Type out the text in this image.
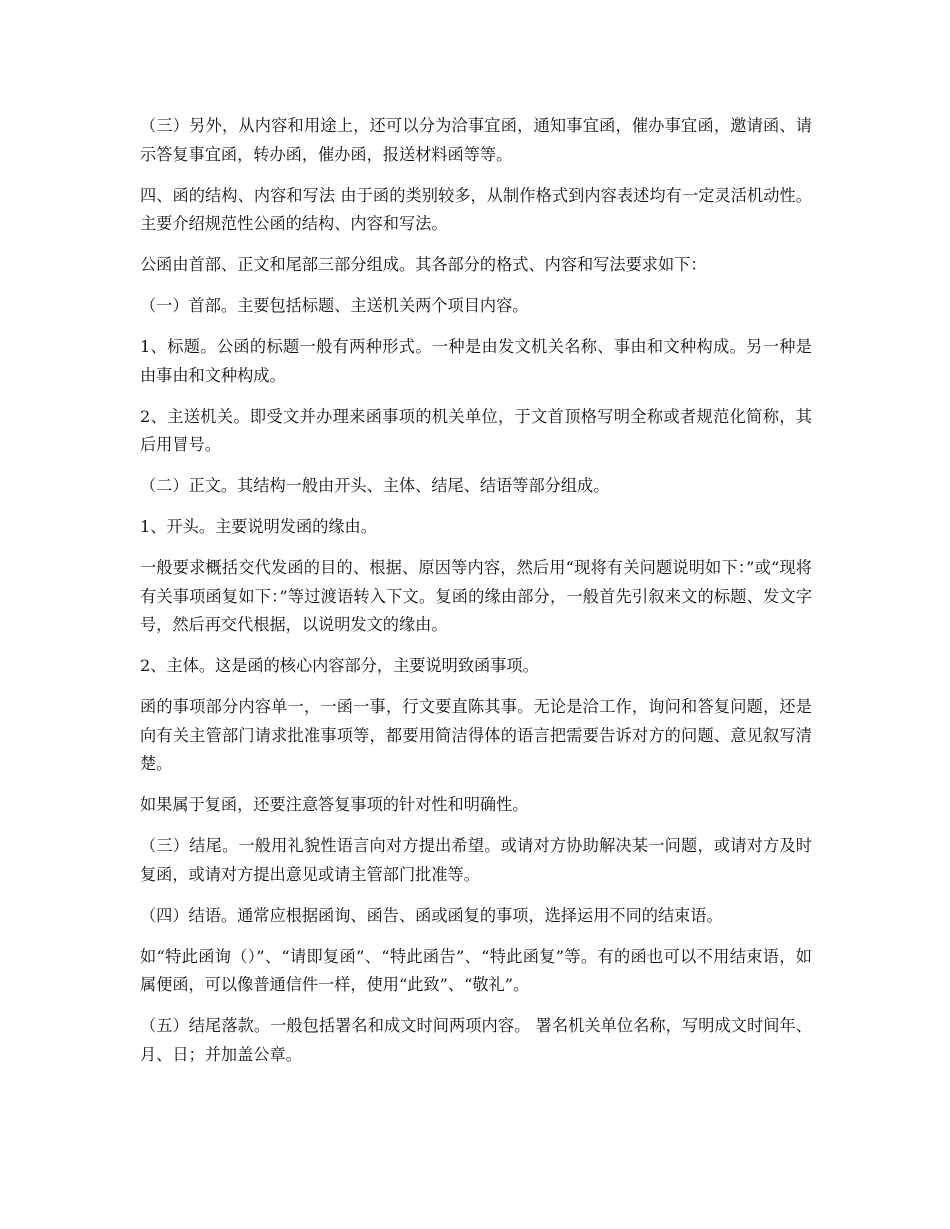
（三）另外，从内容和用途上，还可以分为洽事宜函，通知事宜函，催办事宜函，邀请函、请示答复事宜函，转办函，催办函，报送材料函等等。

四、函的结构、内容和写法 由于函的类别较多，从制作格式到内容表述均有一定灵活机动性。主要介绍规范性公函的结构、内容和写法。

公函由首部、正文和尾部三部分组成。其各部分的格式、内容和写法要求如下：

（一）首部。主要包括标题、主送机关两个项目内容。

1、标题。公函的标题一般有两种形式。一种是由发文机关名称、事由和文种构成。另一种是由事由和文种构成。

2、主送机关。即受文并办理来函事项的机关单位，于文首顶格写明全称或者规范化简称，其后用冒号。

（二）正文。其结构一般由开头、主体、结尾、结语等部分组成。

1、开头。主要说明发函的缘由。

一般要求概括交代发函的目的、根据、原因等内容，然后用“现将有关问题说明如下：”或“现将有关事项函复如下：”等过渡语转入下文。复函的缘由部分，一般首先引叙来文的标题、发文字号，然后再交代根据，以说明发文的缘由。

2、主体。这是函的核心内容部分，主要说明致函事项。

函的事项部分内容单一，一函一事，行文要直陈其事。无论是洽工作，询问和答复问题，还是向有关主管部门请求批准事项等，都要用简洁得体的语言把需要告诉对方的问题、意见叙写清楚。

如果属于复函，还要注意答复事项的针对性和明确性。

（三）结尾。一般用礼貌性语言向对方提出希望。或请对方协助解决某一问题，或请对方及时复函，或请对方提出意见或请主管部门批准等。

（四）结语。通常应根据函询、函告、函或函复的事项，选择运用不同的结束语。

如“特此函询（）”、“请即复函”、“特此函告”、“特此函复”等。有的函也可以不用结束语，如属便函，可以像普通信件一样，使用“此致”、“敬礼”。

（五）结尾落款。一般包括署名和成文时间两项内容。 署名机关单位名称，写明成文时间年、月、日；并加盖公章。
